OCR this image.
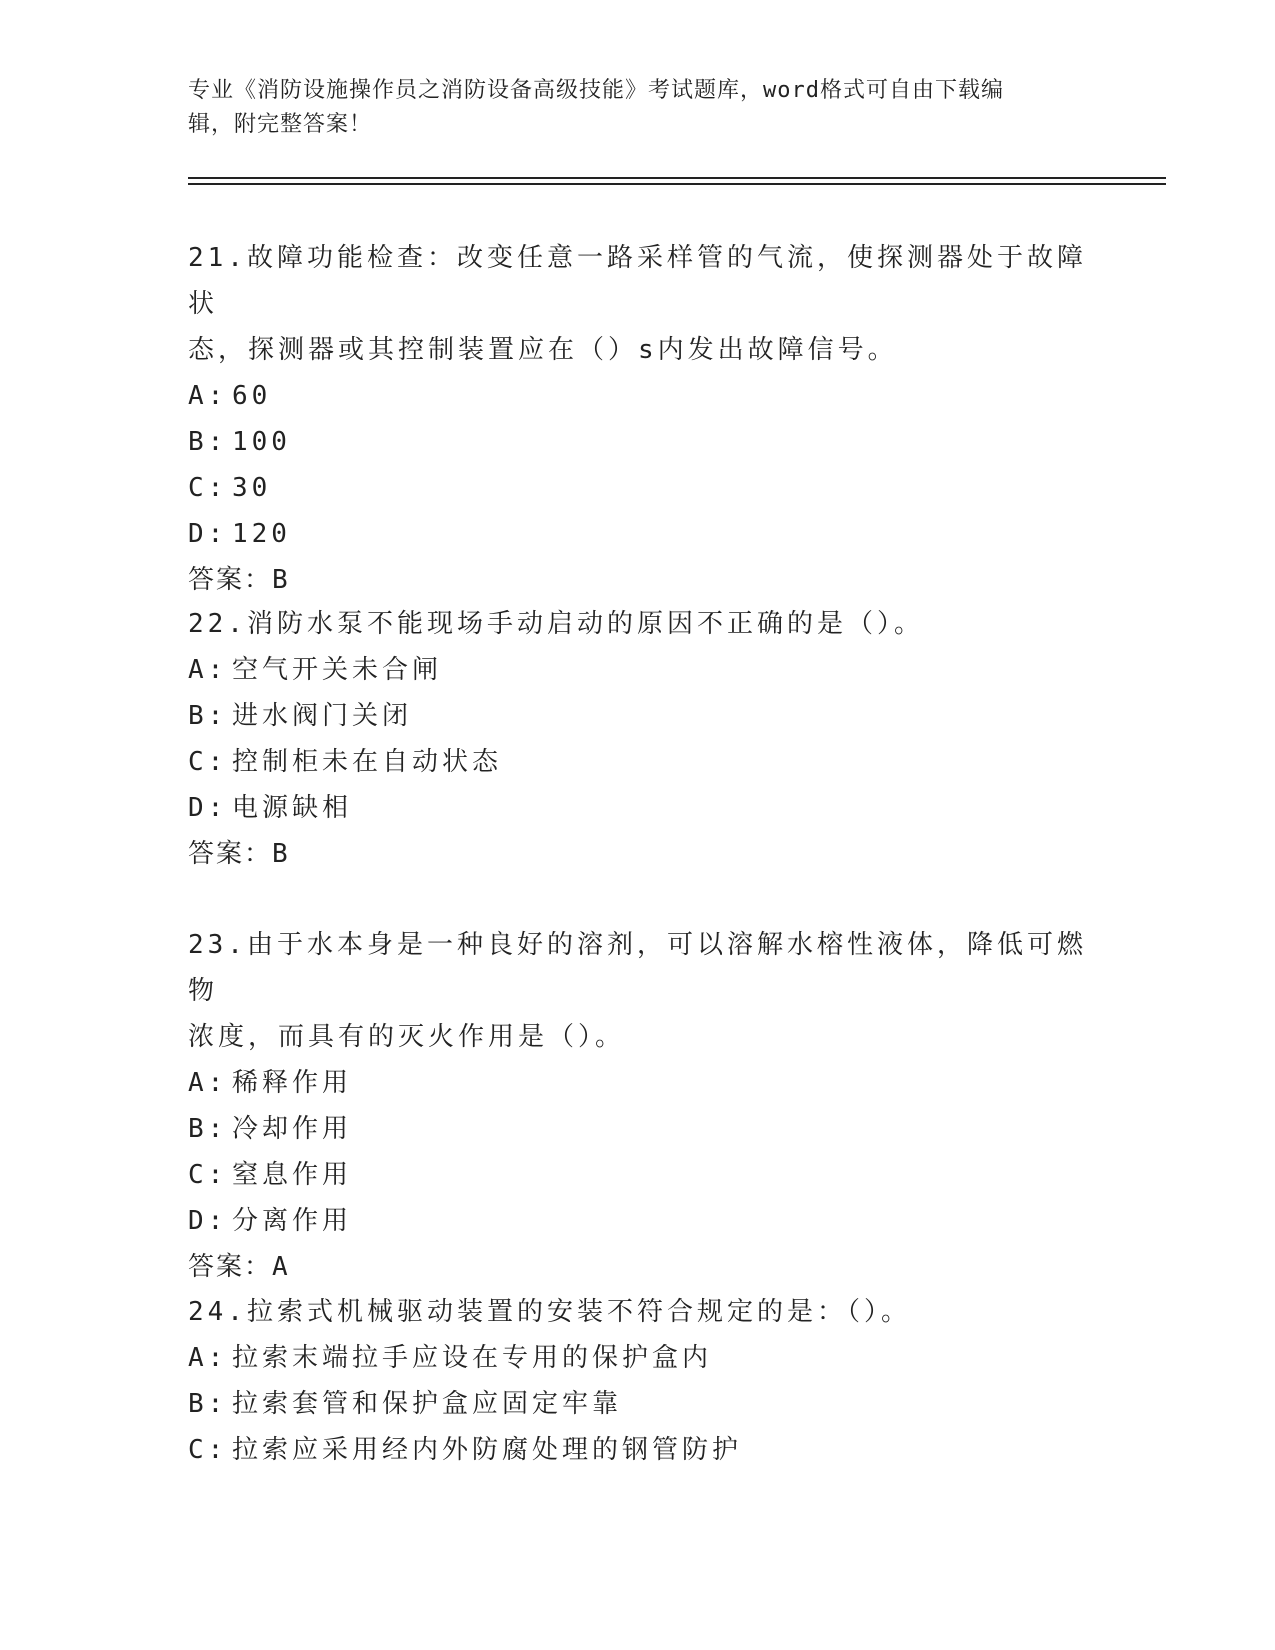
专业《消防设施操作员之消防设备高级技能》考试题库，word格式可自由下载编
辑，附完整答案！
21.故障功能检查：改变任意一路采样管的气流，使探测器处于故障状
态，探测器或其控制装置应在（）s内发出故障信号。
A: 60
B: 100
C: 30
D: 120
答案：B
22.消防水泵不能现场手动启动的原因不正确的是（）。
A: 空气开关未合闸
B: 进水阀门关闭
C: 控制柜未在自动状态
D: 电源缺相
答案：B
23.由于水本身是一种良好的溶剂，可以溶解水榕性液体，降低可燃物
浓度，而具有的灭火作用是（）。
A: 稀释作用
B: 冷却作用
C: 窒息作用
D: 分离作用
答案：A
24.拉索式机械驱动装置的安装不符合规定的是：（）。
A: 拉索末端拉手应设在专用的保护盒内
B: 拉索套管和保护盒应固定牢靠
C: 拉索应采用经内外防腐处理的钢管防护
